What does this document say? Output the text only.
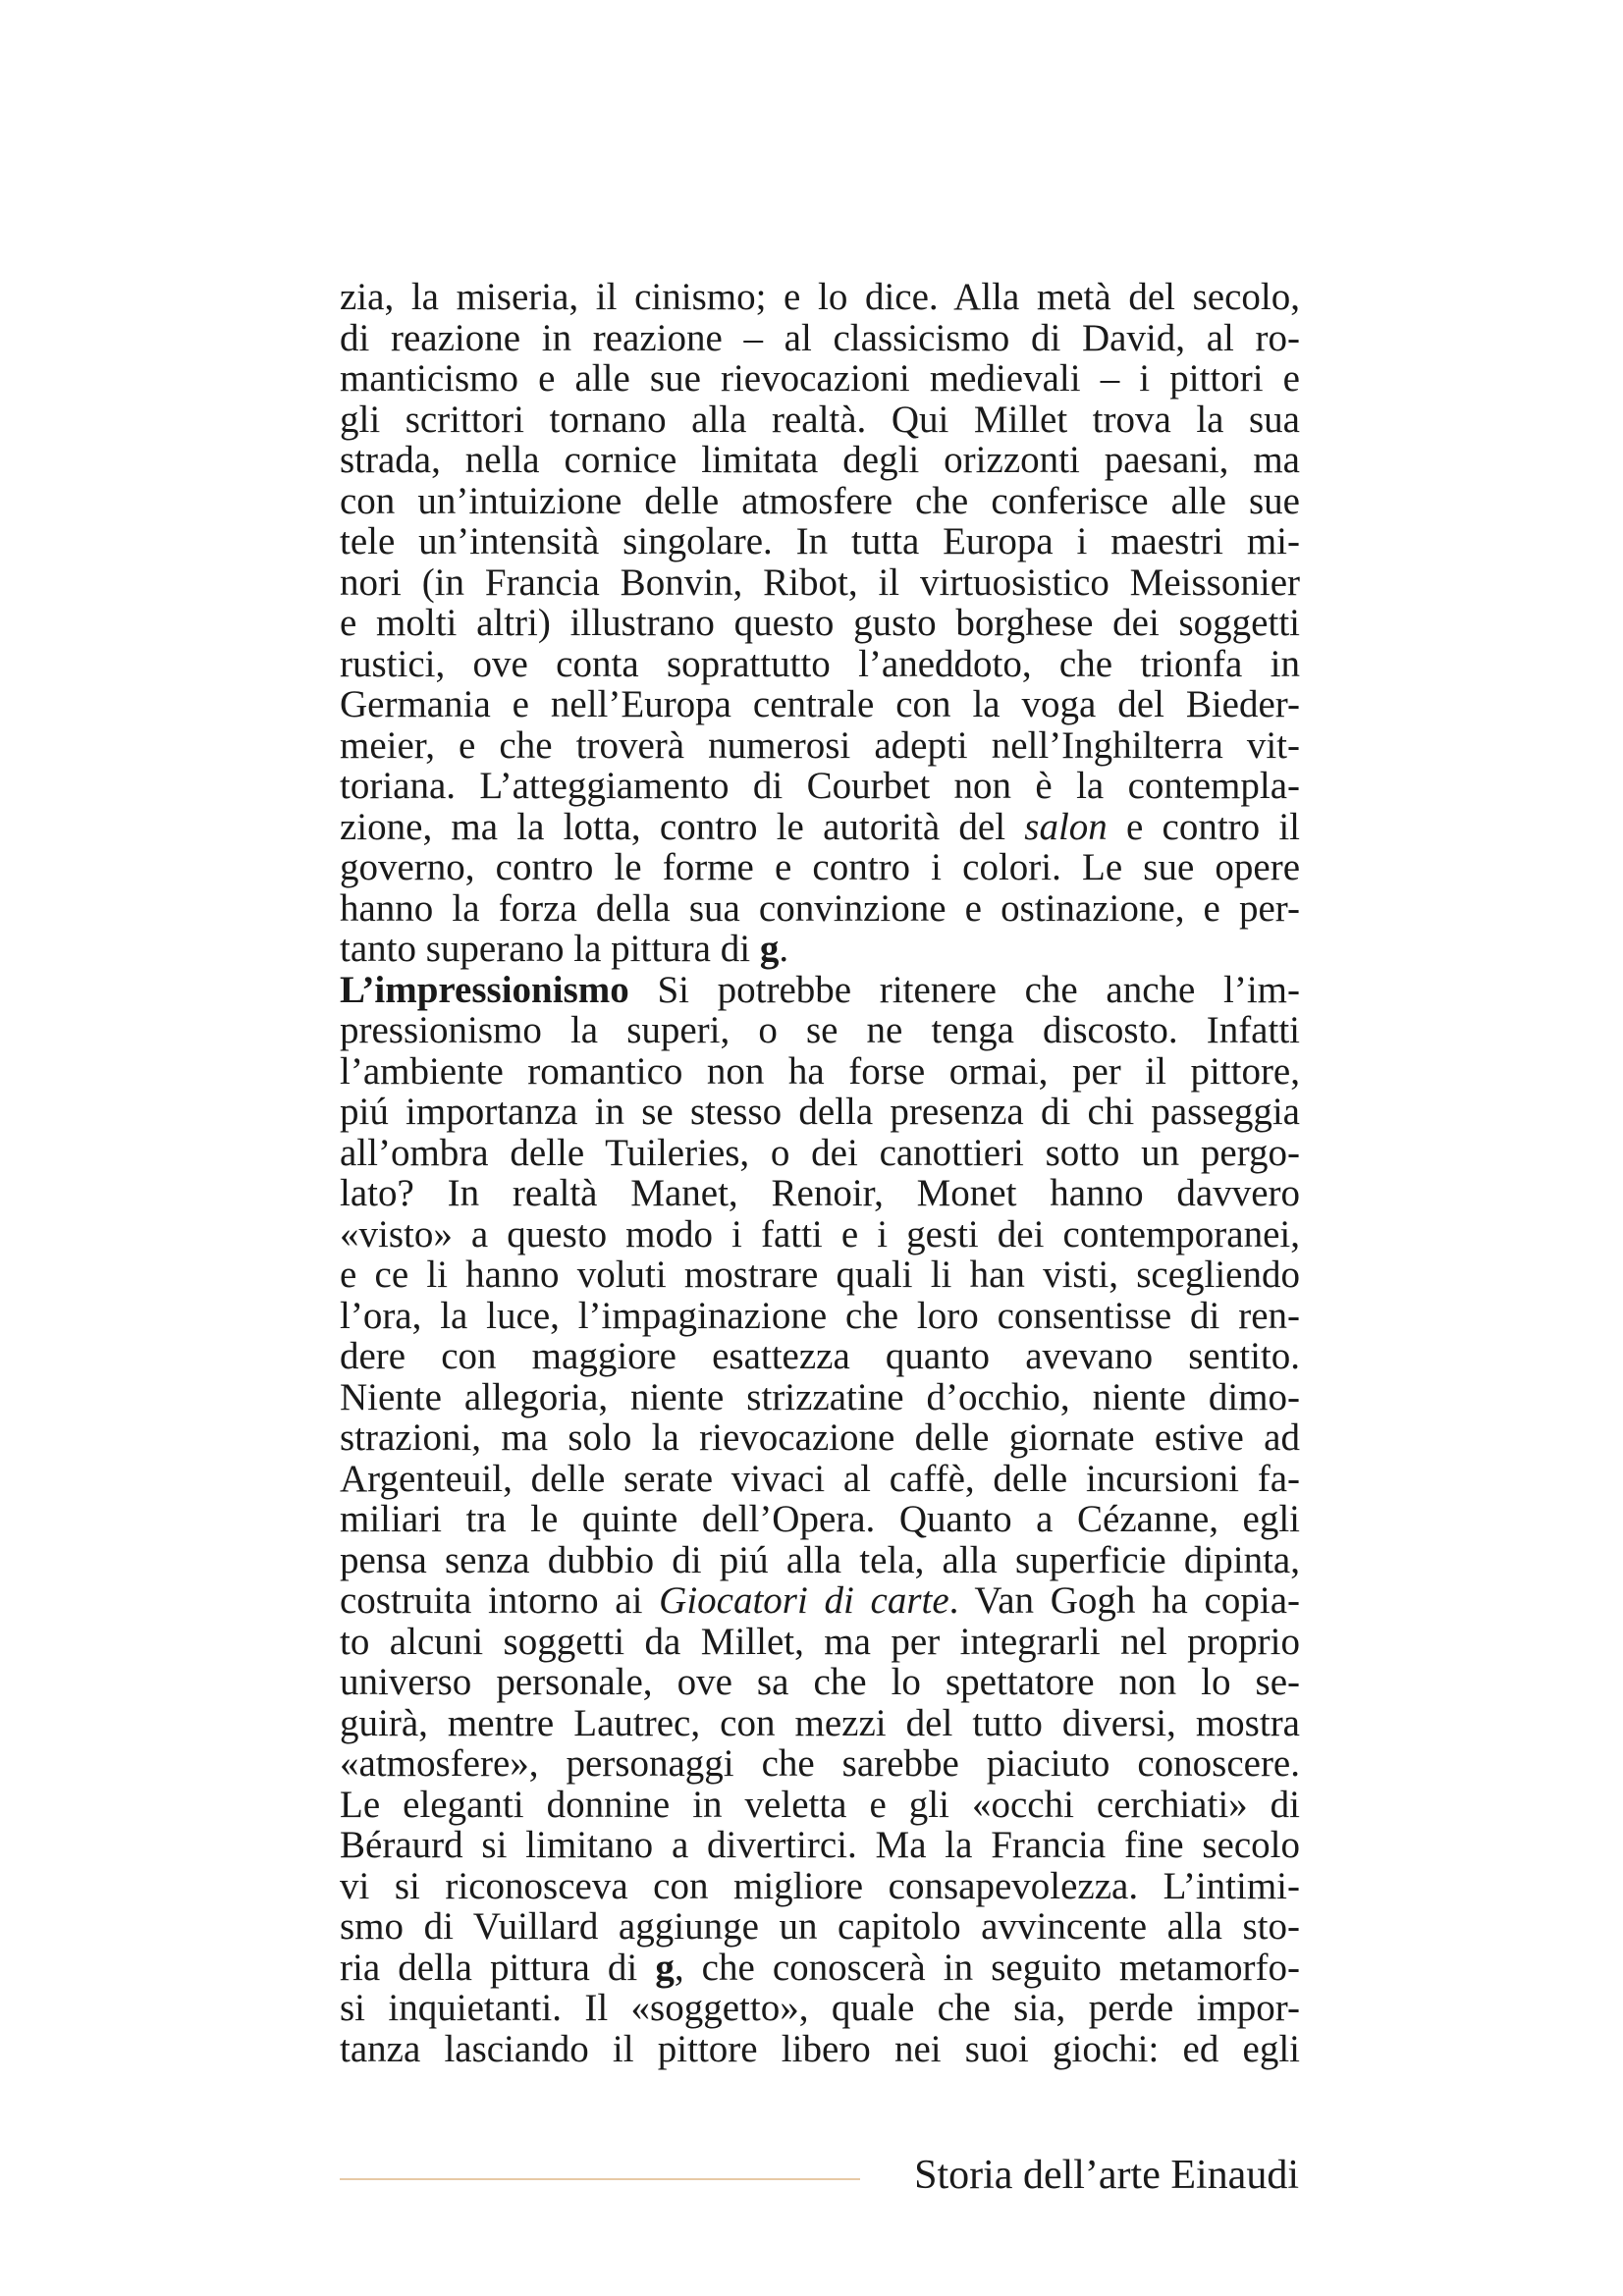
zia, la miseria, il cinismo; e lo dice. Alla metà del secolo,
di reazione in reazione – al classicismo di David, al ro-
manticismo e alle sue rievocazioni medievali – i pittori e
gli scrittori tornano alla realtà. Qui Millet trova la sua
strada, nella cornice limitata degli orizzonti paesani, ma
con un’intuizione delle atmosfere che conferisce alle sue
tele un’intensità singolare. In tutta Europa i maestri mi-
nori (in Francia Bonvin, Ribot, il virtuosistico Meissonier
e molti altri) illustrano questo gusto borghese dei soggetti
rustici, ove conta soprattutto l’aneddoto, che trionfa in
Germania e nell’Europa centrale con la voga del Bieder-
meier, e che troverà numerosi adepti nell’Inghilterra vit-
toriana. L’atteggiamento di Courbet non è la contempla-
zione, ma la lotta, contro le autorità del salon e contro il
governo, contro le forme e contro i colori. Le sue opere
hanno la forza della sua convinzione e ostinazione, e per-
tanto superano la pittura di g.
L’impressionismo Si potrebbe ritenere che anche l’im-
pressionismo la superi, o se ne tenga discosto. Infatti
l’ambiente romantico non ha forse ormai, per il pittore,
piú importanza in se stesso della presenza di chi passeggia
all’ombra delle Tuileries, o dei canottieri sotto un pergo-
lato? In realtà Manet, Renoir, Monet hanno davvero
«visto» a questo modo i fatti e i gesti dei contemporanei,
e ce li hanno voluti mostrare quali li han visti, scegliendo
l’ora, la luce, l’impaginazione che loro consentisse di ren-
dere con maggiore esattezza quanto avevano sentito.
Niente allegoria, niente strizzatine d’occhio, niente dimo-
strazioni, ma solo la rievocazione delle giornate estive ad
Argenteuil, delle serate vivaci al caffè, delle incursioni fa-
miliari tra le quinte dell’Opera. Quanto a Cézanne, egli
pensa senza dubbio di piú alla tela, alla superficie dipinta,
costruita intorno ai Giocatori di carte. Van Gogh ha copia-
to alcuni soggetti da Millet, ma per integrarli nel proprio
universo personale, ove sa che lo spettatore non lo se-
guirà, mentre Lautrec, con mezzi del tutto diversi, mostra
«atmosfere», personaggi che sarebbe piaciuto conoscere.
Le eleganti donnine in veletta e gli «occhi cerchiati» di
Béraurd si limitano a divertirci. Ma la Francia fine secolo
vi si riconosceva con migliore consapevolezza. L’intimi-
smo di Vuillard aggiunge un capitolo avvincente alla sto-
ria della pittura di g, che conoscerà in seguito metamorfo-
si inquietanti. Il «soggetto», quale che sia, perde impor-
tanza lasciando il pittore libero nei suoi giochi: ed egli
Storia dell’arte Einaudi
